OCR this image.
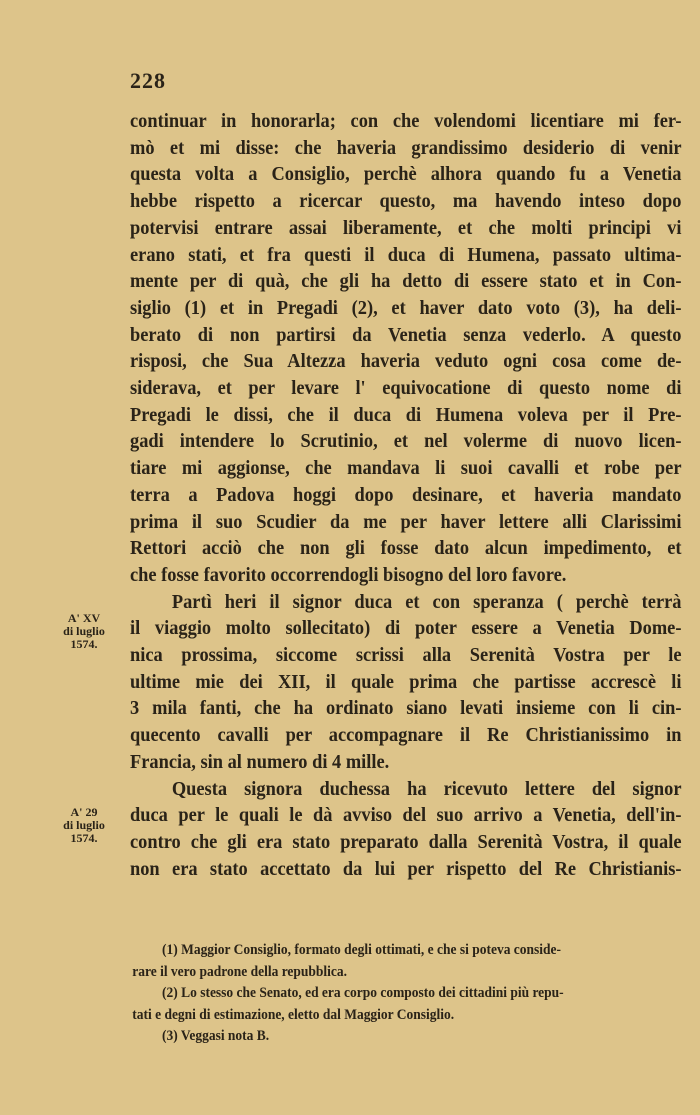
228
continuar in honorarla; con che volendomi licentiare mi fer-
mò et mi disse: che haveria grandissimo desiderio di venir
questa volta a Consiglio, perchè alhora quando fu a Venetia
hebbe rispetto a ricercar questo, ma havendo inteso dopo
potervisi entrare assai liberamente, et che molti principi vi
erano stati, et fra questi il duca di Humena, passato ultima-
mente per di quà, che gli ha detto di essere stato et in Con-
siglio (1) et in Pregadi (2), et haver dato voto (3), ha deli-
berato di non partirsi da Venetia senza vederlo. A questo
risposi, che Sua Altezza haveria veduto ogni cosa come de-
siderava, et per levare l' equivocatione di questo nome di
Pregadi le dissi, che il duca di Humena voleva per il Pre-
gadi intendere lo Scrutinio, et nel volerme di nuovo licen-
tiare mi aggionse, che mandava li suoi cavalli et robe per
terra a Padova hoggi dopo desinare, et haveria mandato
prima il suo Scudier da me per haver lettere alli Clarissimi
Rettori acciò che non gli fosse dato alcun impedimento, et
che fosse favorito occorrendogli bisogno del loro favore.
Partì heri il signor duca et con speranza ( perchè terrà
il viaggio molto sollecitato) di poter essere a Venetia Dome-
nica prossima, siccome scrissi alla Serenità Vostra per le
ultime mie dei XII, il quale prima che partisse accrescè li
3 mila fanti, che ha ordinato siano levati insieme con li cin-
quecento cavalli per accompagnare il Re Christianissimo in
Francia, sin al numero di 4 mille.
Questa signora duchessa ha ricevuto lettere del signor
duca per le quali le dà avviso del suo arrivo a Venetia, dell'in-
contro che gli era stato preparato dalla Serenità Vostra, il quale
non era stato accettato da lui per rispetto del Re Christianis-
A' XV
di luglio
1574.
A' 29
di luglio
1574.
(1) Maggior Consiglio, formato degli ottimati, e che si poteva conside-
rare il vero padrone della repubblica.
(2) Lo stesso che Senato, ed era corpo composto dei cittadini più repu-
tati e degni di estimazione, eletto dal Maggior Consiglio.
(3) Veggasi nota B.
